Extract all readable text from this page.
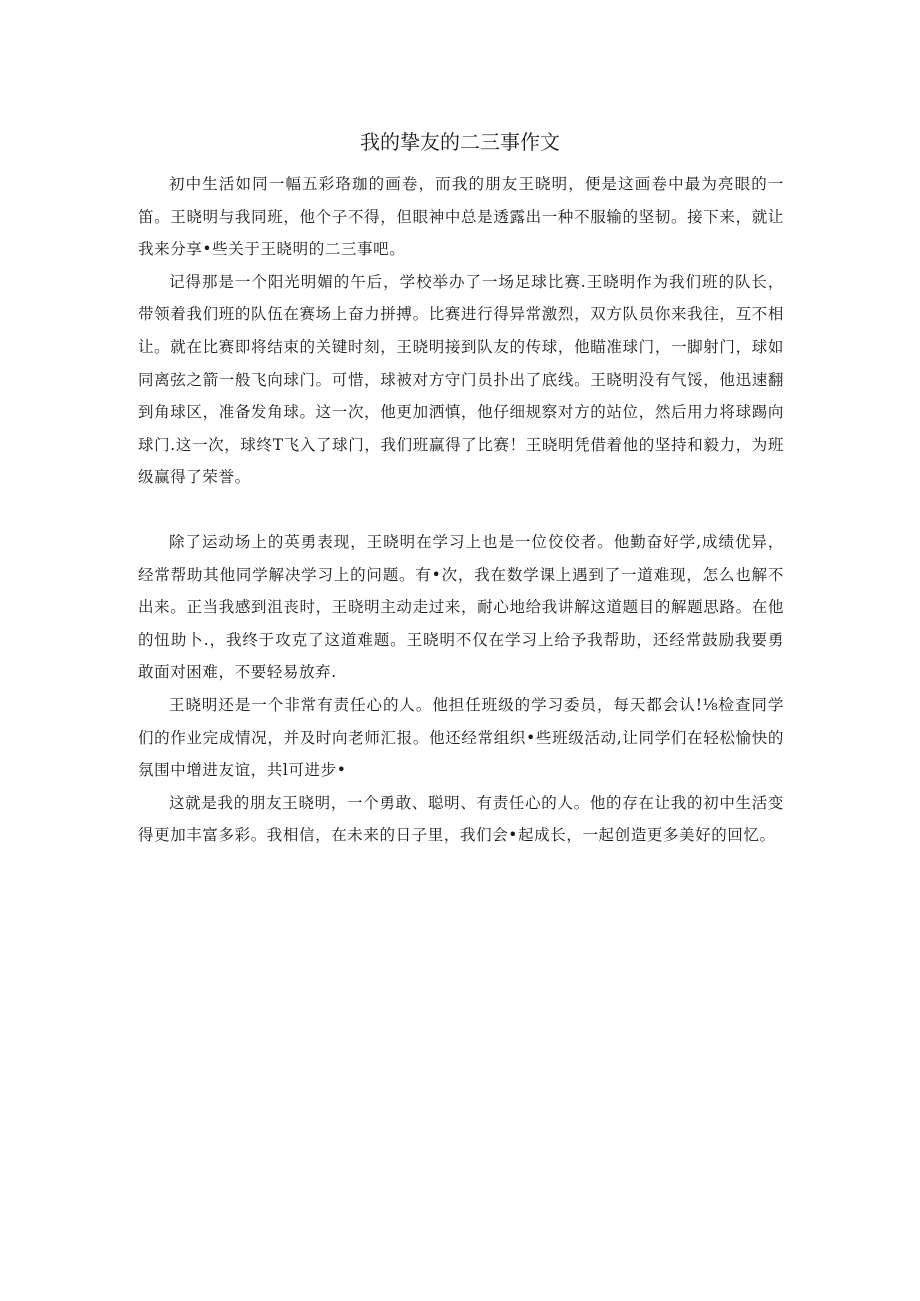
我的挚友的二三事作文

初中生活如同一幅五彩珞珈的画卷，而我的朋友王晓明，便是这画卷中最为亮眼的一笛。王晓明与我同班，他个子不得，但眼神中总是透露出一种不服输的坚韧。接下来，就让我来分享•些关于王晓明的二三事吧。

记得那是一个阳光明媚的午后，学校举办了一场足球比赛.王晓明作为我们班的队长，带领着我们班的队伍在赛场上奋力拼搏。比赛进行得异常激烈，双方队员你来我往，互不相让。就在比赛即将结束的关键时刻，王晓明接到队友的传球，他瞄准球门，一脚射门，球如同离弦之箭一般飞向球门。可惜，球被对方守门员扑出了底线。王晓明没有气馁，他迅速翻到角球区，准备发角球。这一次，他更加洒慎，他仔细规察对方的站位，然后用力将球踢向球门.这一次，球终T飞入了球门，我们班赢得了比赛！王晓明凭借着他的坚持和毅力，为班级赢得了荣誉。

除了运动场上的英勇表现，王晓明在学习上也是一位佼佼者。他勤奋好学,成绩优异，经常帮助其他同学解决学习上的问题。有•次，我在数学课上遇到了一道难现，怎么也解不出来。正当我感到沮丧时，王晓明主动走过来，耐心地给我讲解这道题目的解题思路。在他的忸助卜.，我终于攻克了这道难题。王晓明不仅在学习上给予我帮助，还经常鼓励我要勇敢面对困难，不要轻易放弃.

王晓明还是一个非常有责任心的人。他担任班级的学习委员，每天都会认!⅛检查同学们的作业完成情况，并及时向老师汇报。他还经常组织•些班级活动,让同学们在轻松愉快的氛围中增进友谊，共l可进步•

这就是我的朋友王晓明，一个勇敢、聪明、有责任心的人。他的存在让我的初中生活变得更加丰富多彩。我相信，在未来的日子里，我们会•起成长，一起创造更多美好的回忆。
